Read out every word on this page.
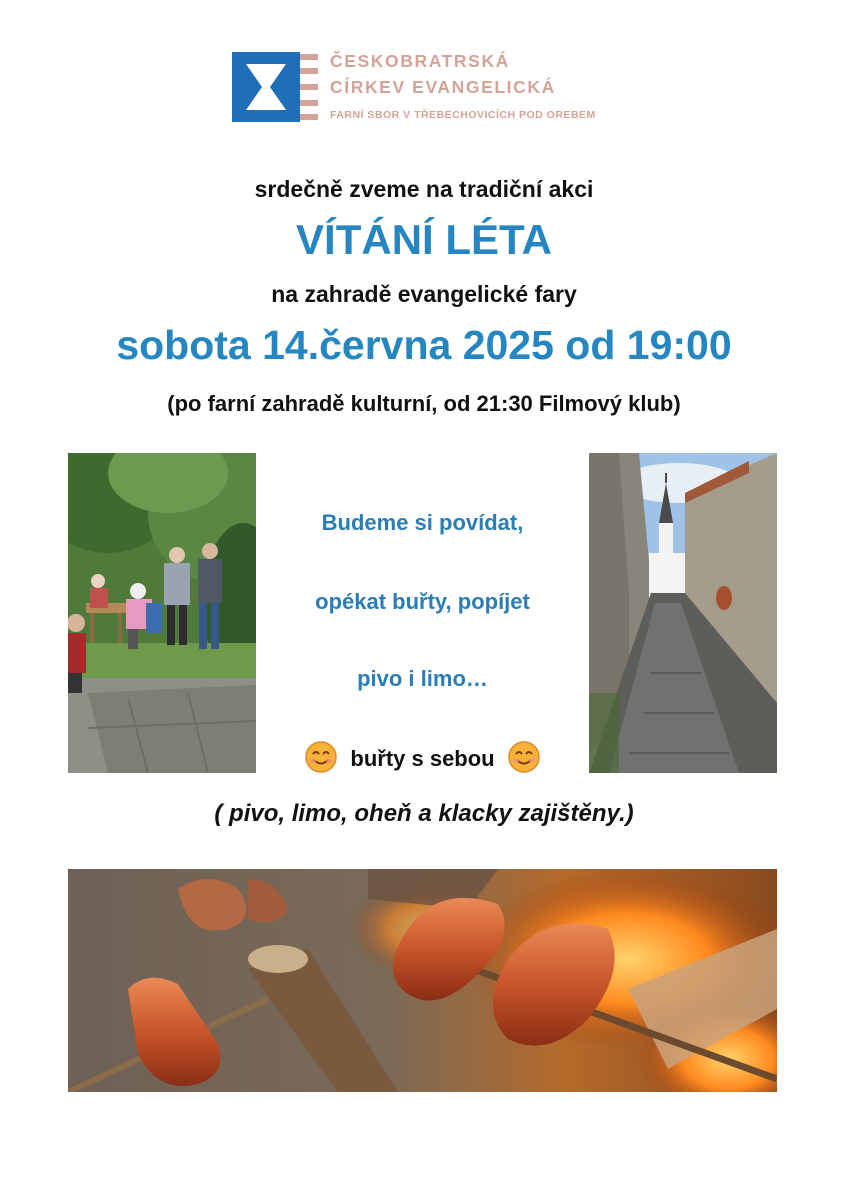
ČESKOBRATRSKÁ
CÍRKEV EVANGELICKÁ
FARNÍ SBOR V TŘEBECHOVICÍCH POD OREBEM
srdečně zveme na tradiční akci
VÍTÁNÍ LÉTA
na zahradě evangelické fary
sobota 14.června 2025 od 19:00
(po farní zahradě kulturní, od 21:30 Filmový klub)
Budeme si povídat,
opékat buřty, popíjet
pivo i limo…
buřty s sebou
( pivo, limo, oheň a klacky zajištěny.)
